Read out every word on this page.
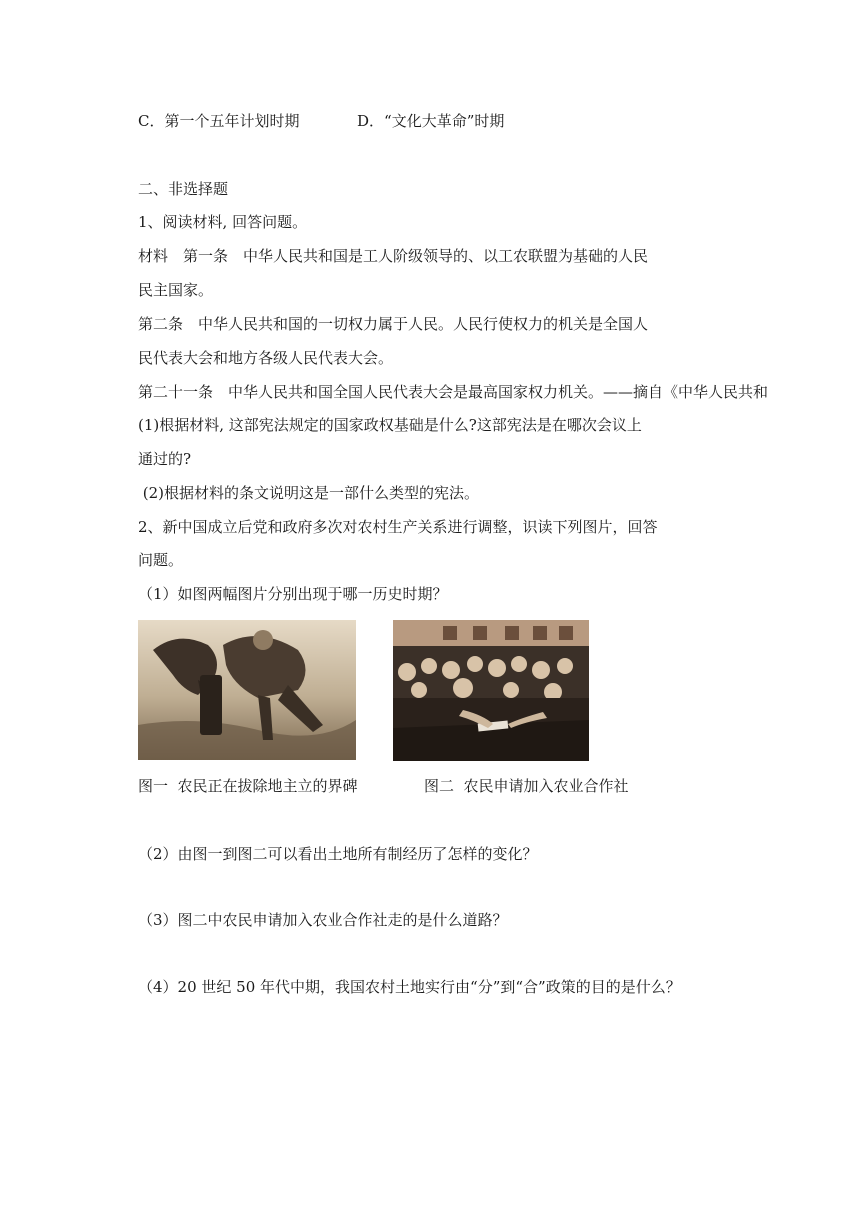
C．第一个五年计划时期	D．“文化大革命”时期

二、非选择题

1、阅读材料, 回答问题。

材料　第一条　中华人民共和国是工人阶级领导的、以工农联盟为基础的人民

民主国家。

第二条　中华人民共和国的一切权力属于人民。人民行使权力的机关是全国人

民代表大会和地方各级人民代表大会。

第二十一条　中华人民共和国全国人民代表大会是最高国家权力机关。——摘自《中华人民共和

(1)根据材料, 这部宪法规定的国家政权基础是什么?这部宪法是在哪次会议上

通过的?

(2)根据材料的条文说明这是一部什么类型的宪法。

2、新中国成立后党和政府多次对农村生产关系进行调整，识读下列图片，回答

问题。

（1）如图两幅图片分别出现于哪一历史时期？

图一  农民正在拔除地主立的界碑	图二  农民申请加入农业合作社

（2）由图一到图二可以看出土地所有制经历了怎样的变化？

（3）图二中农民申请加入农业合作社走的是什么道路？

（4）20 世纪 50 年代中期，我国农村土地实行由“分”到“合”政策的目的是什么？
